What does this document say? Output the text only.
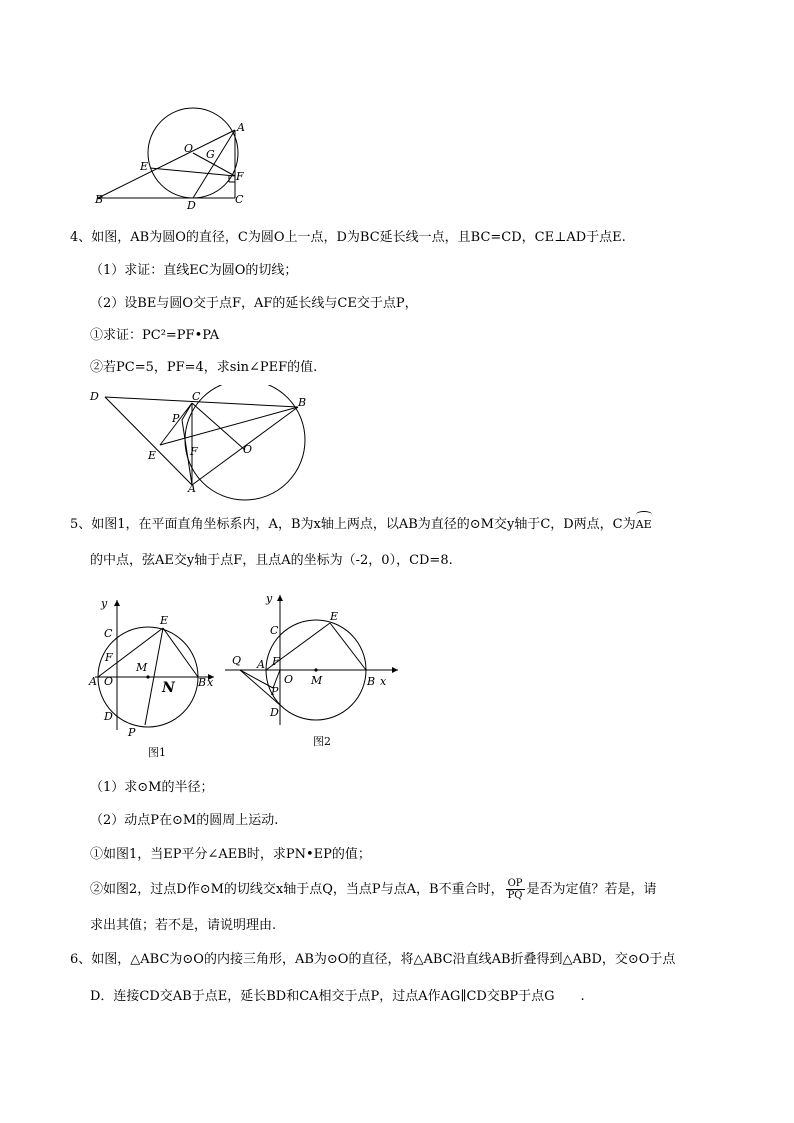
A
O G
E
F
B	D	C
4、如图，AB为圆O的直径，C为圆O上一点，D为BC延长线一点，且BC=CD，CE⊥AD于点E.
（1）求证：直线EC为圆O的切线；
（2）设BE与圆O交于点F，AF的延长线与CE交于点P，
①求证：PC²=PF•PA
②若PC=5，PF=4，求sin∠PEF的值.
D	C	B
P
E	F	O
A
5、如图1，在平面直角坐标系内，A，B为x轴上两点，以AB为直径的⊙M交y轴于C，D两点，C为AE
的中点，弦AE交y轴于点F，且点A的坐标为（-2，0），CD=8.
y
C
E
F
M
A O	N B x
D
P
图1
y
C
E
Q A F
O M	B x
P
D
图2
（1）求⊙M的半径；
（2）动点P在⊙M的圆周上运动.
①如图1，当EP平分∠AEB时，求PN•EP的值；
②如图2，过点D作⊙M的切线交x轴于点Q，当点P与点A，B不重合时， $\frac{OP}{PQ}$ 是否为定值？若是，请
求出其值；若不是，请说明理由.
6、如图，△ABC为⊙O的内接三角形，AB为⊙O的直径，将△ABC沿直线AB折叠得到△ABD，交⊙O于点
D．连接CD交AB于点E，延长BD和CA相交于点P，过点A作AG∥CD交BP于点G　　.
